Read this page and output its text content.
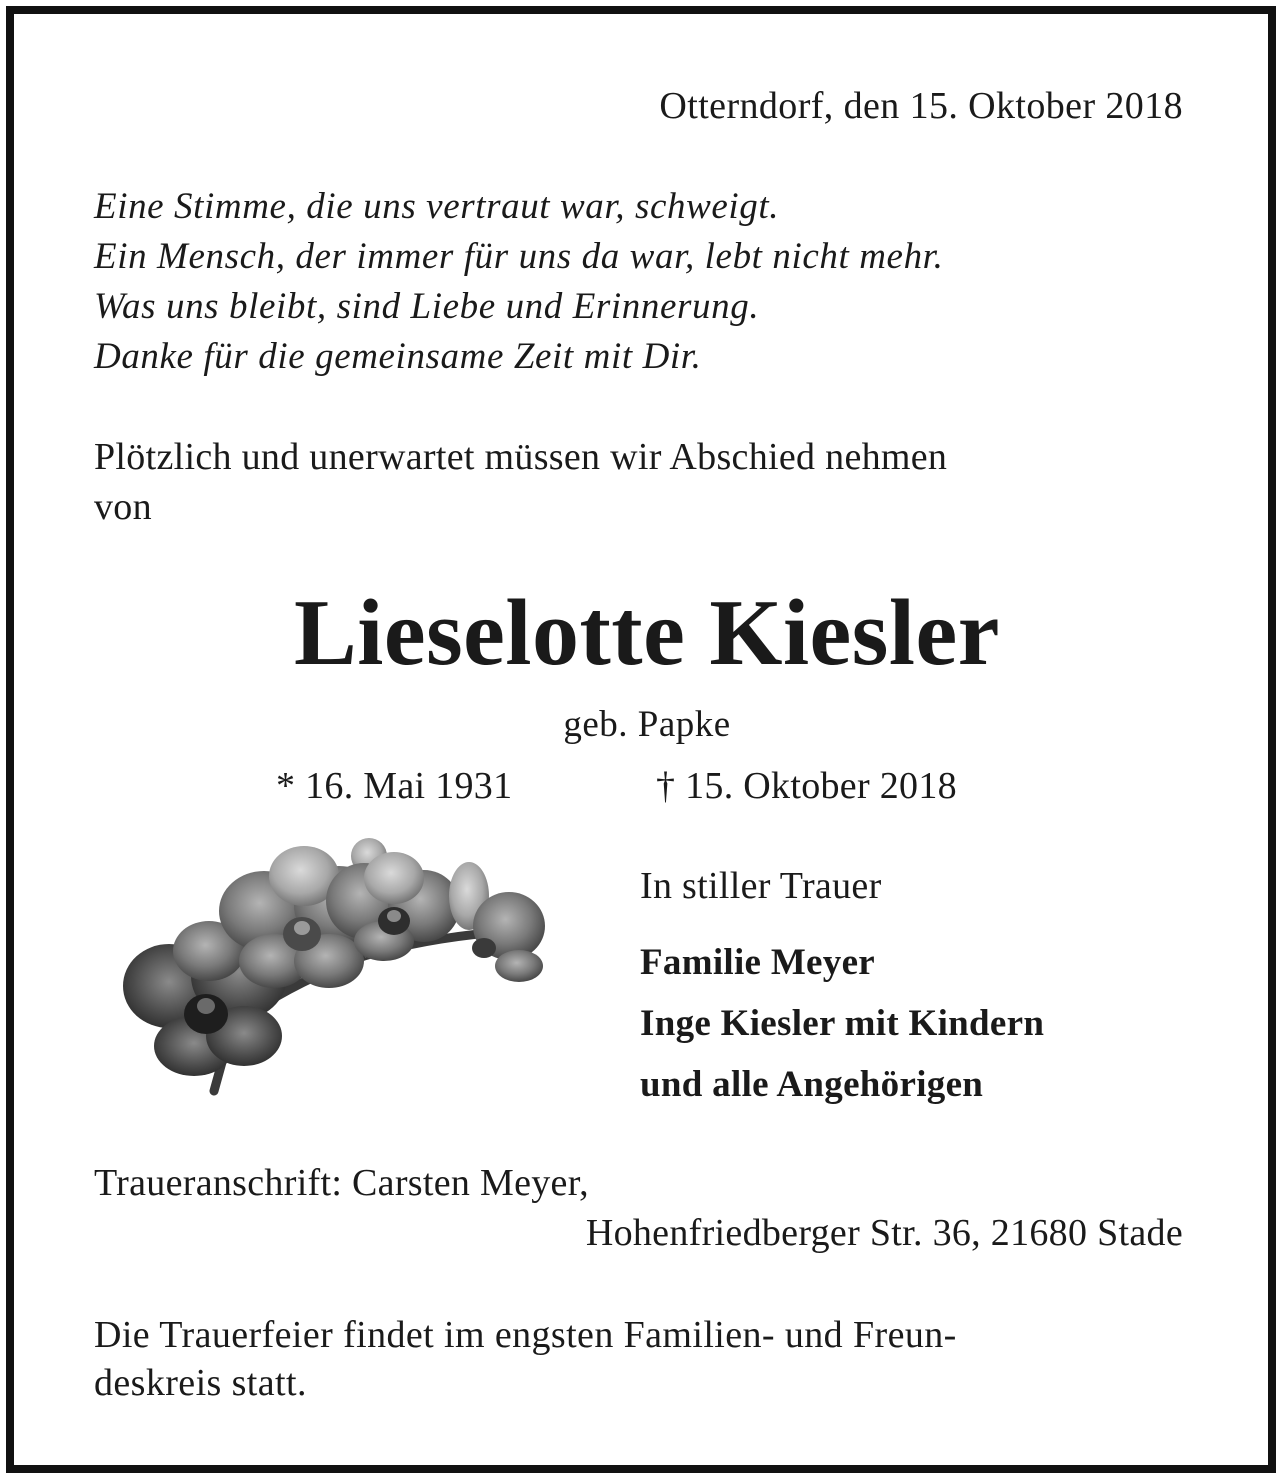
Otterndorf, den 15. Oktober 2018

Eine Stimme, die uns vertraut war, schweigt.
Ein Mensch, der immer für uns da war, lebt nicht mehr.
Was uns bleibt, sind Liebe und Erinnerung.
Danke für die gemeinsame Zeit mit Dir.
Plötzlich und unerwartet müssen wir Abschied nehmen
von

Lieselotte Kiesler

geb. Papke

* 16. Mai 1931	† 15. Oktober 2018

In stiller Trauer

Familie Meyer
Inge Kiesler mit Kindern
und alle Angehörigen

Traueranschrift: Carsten Meyer,

Hohenfriedberger Str. 36, 21680 Stade

Die Trauerfeier findet im engsten Familien- und Freun-
deskreis statt.
